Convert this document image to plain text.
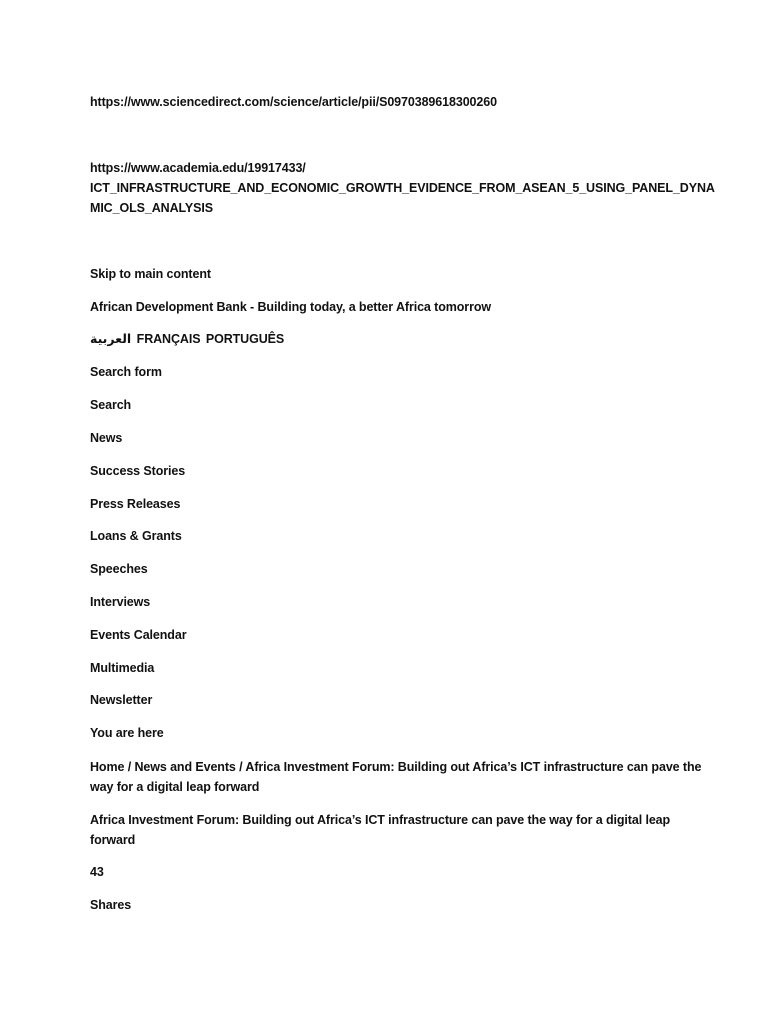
https://www.sciencedirect.com/science/article/pii/S0970389618300260
https://www.academia.edu/19917433/
ICT_INFRASTRUCTURE_AND_ECONOMIC_GROWTH_EVIDENCE_FROM_ASEAN_5_USING_PANEL_DYNA
MIC_OLS_ANALYSIS
Skip to main content
African Development Bank - Building today, a better Africa tomorrow
العربية FRANÇAIS PORTUGUÊS
Search form
Search
News
Success Stories
Press Releases
Loans & Grants
Speeches
Interviews
Events Calendar
Multimedia
Newsletter
You are here
Home / News and Events / Africa Investment Forum: Building out Africa’s ICT infrastructure can pave the
way for a digital leap forward
Africa Investment Forum: Building out Africa’s ICT infrastructure can pave the way for a digital leap
forward
43
Shares
